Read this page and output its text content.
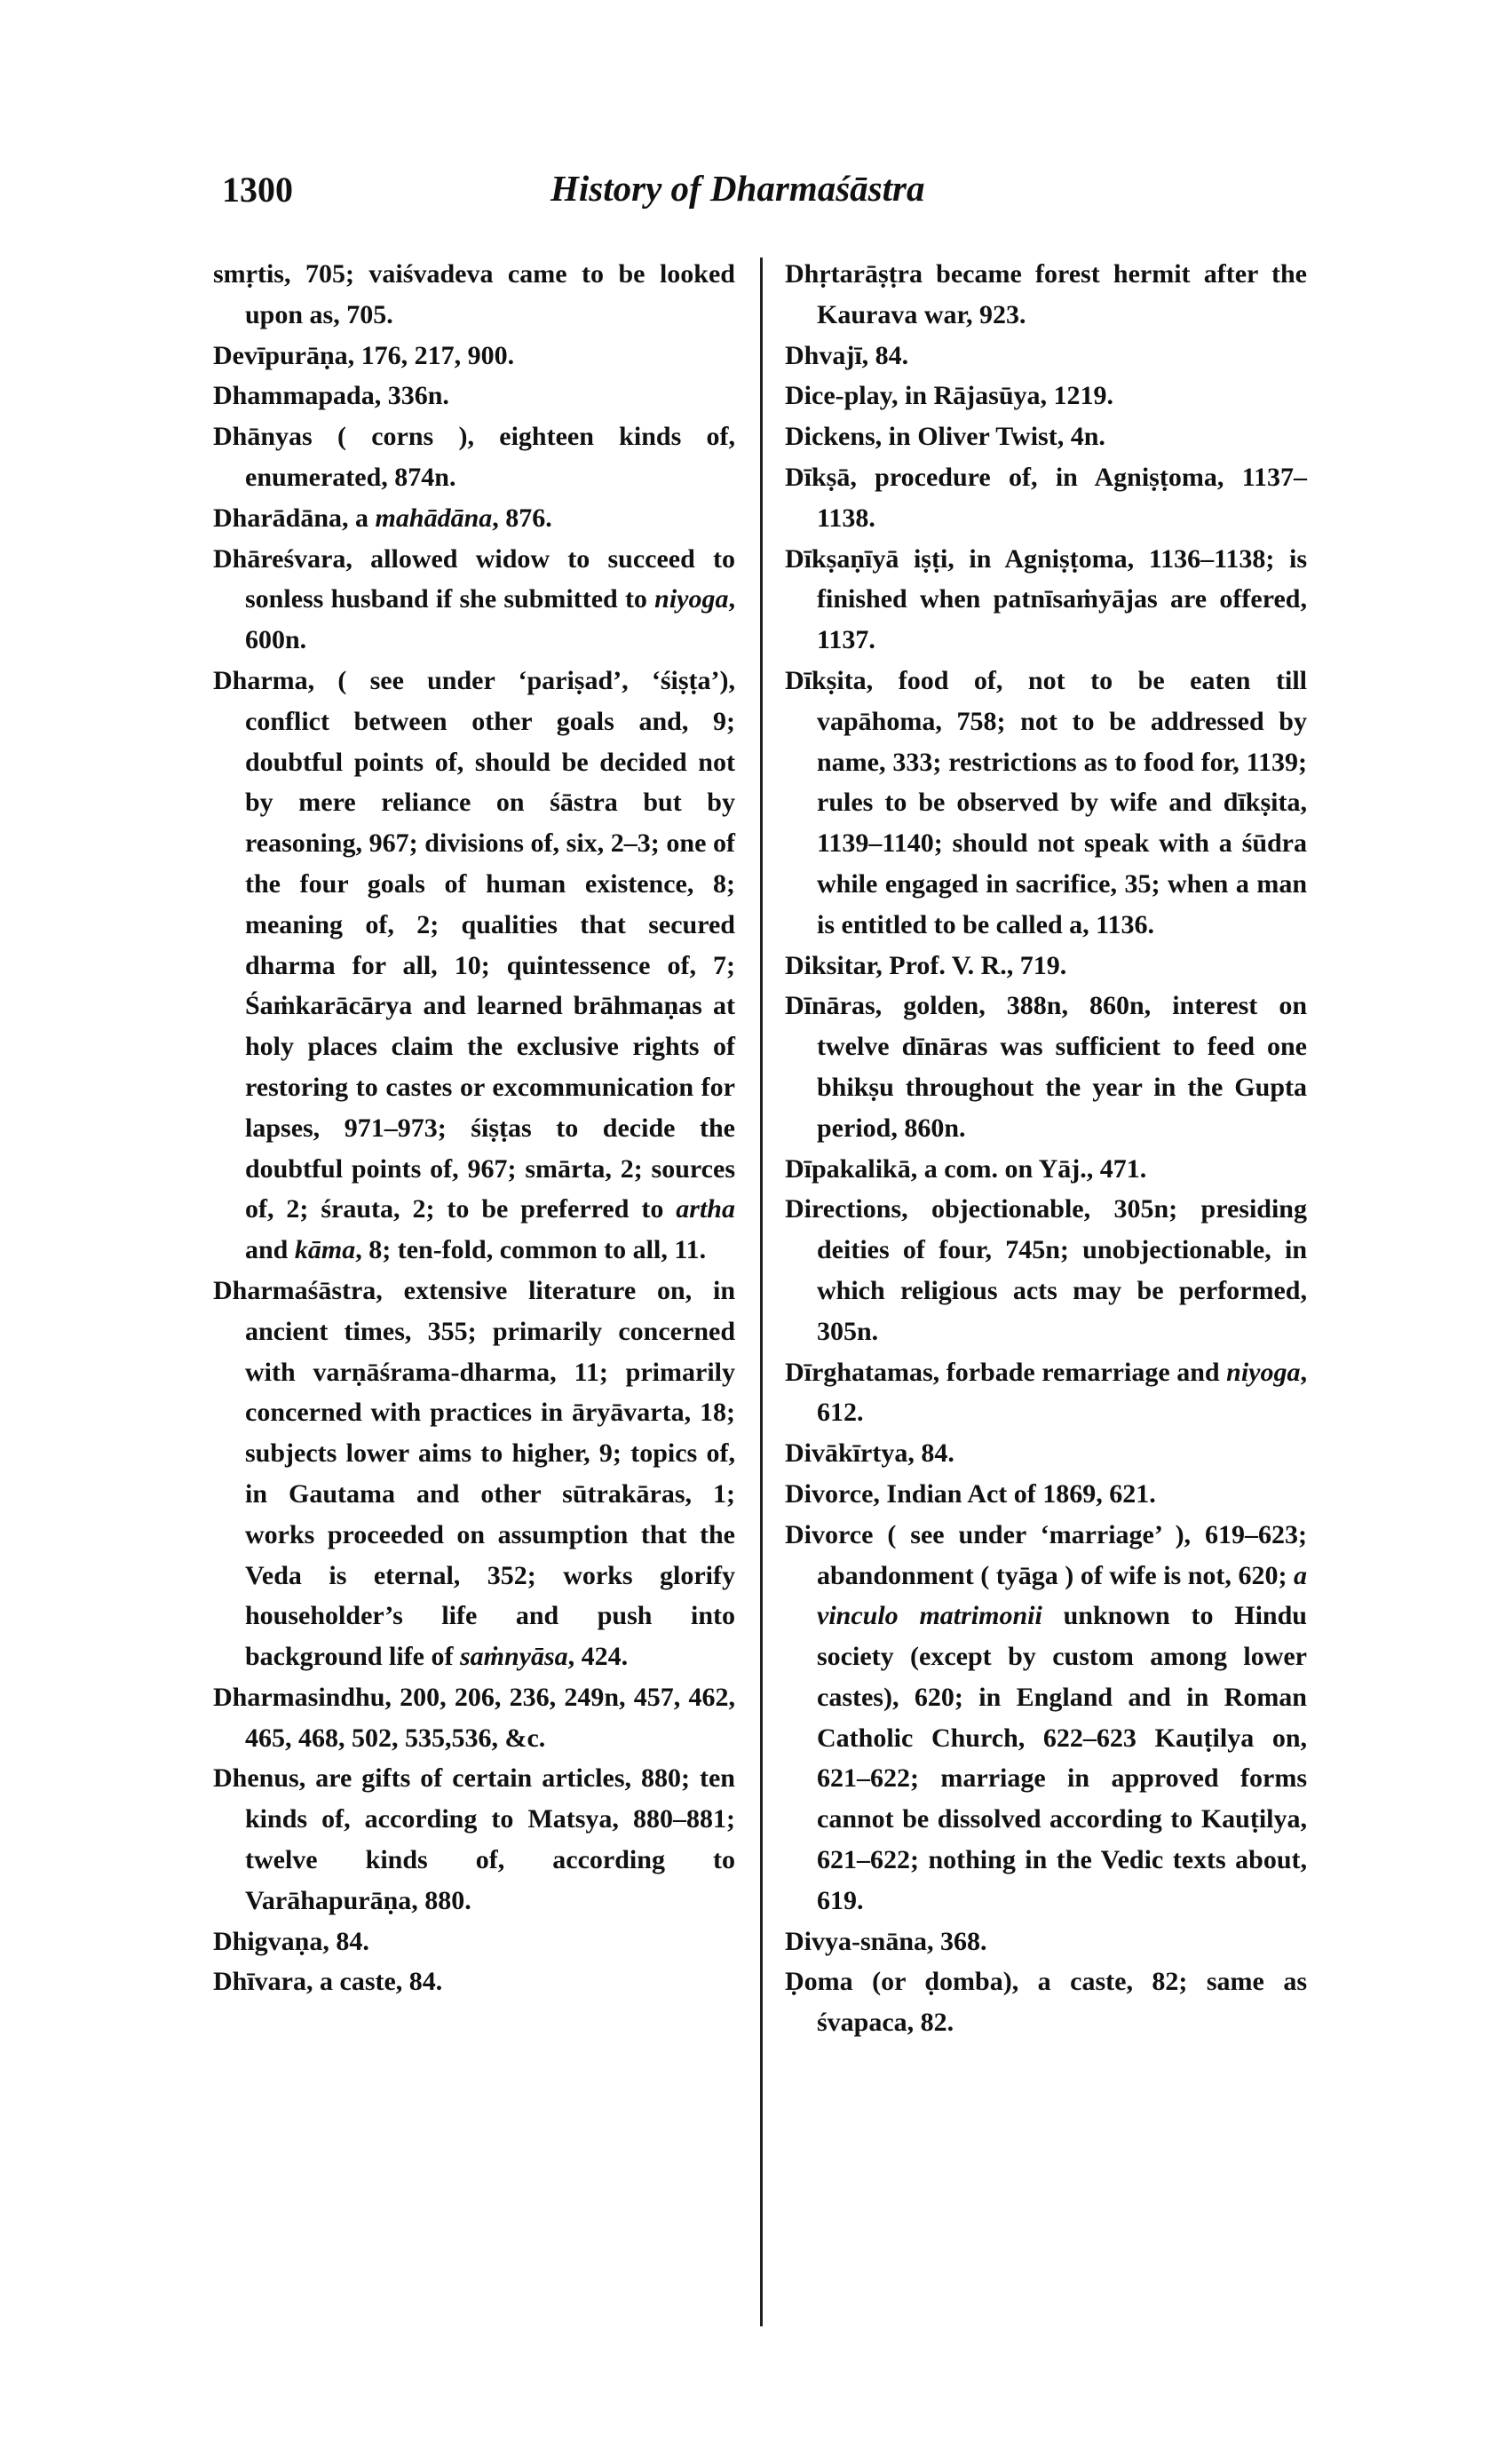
1300	History of Dharmaśāstra

smṛtis, 705; vaiśvadeva came to be looked upon as, 705.

Devīpurāṇa, 176, 217, 900.

Dhammapada, 336n.

Dhānyas ( corns ), eighteen kinds of, enumerated, 874n.

Dharādāna, a mahādāna, 876.

Dhāreśvara, allowed widow to succeed to sonless husband if she submitted to niyoga, 600n.

Dharma, ( see under ‘pariṣad’, ‘śiṣṭa’), conflict between other goals and, 9; doubtful points of, should be decided not by mere reliance on śāstra but by reasoning, 967; divisions of, six, 2–3; one of the four goals of human existence, 8; meaning of, 2; qualities that secured dharma for all, 10; quintessence of, 7; Śaṁkarācārya and learned brāhmaṇas at holy places claim the exclusive rights of restoring to castes or excommunication for lapses, 971–973; śiṣṭas to decide the doubtful points of, 967; smārta, 2; sources of, 2; śrauta, 2; to be preferred to artha and kāma, 8; ten-fold, common to all, 11.

Dharmaśāstra, extensive literature on, in ancient times, 355; primarily concerned with varṇāśrama-dharma, 11; primarily concerned with practices in āryāvarta, 18; subjects lower aims to higher, 9; topics of, in Gautama and other sūtrakāras, 1; works proceeded on assumption that the Veda is eternal, 352; works glorify householder’s life and push into background life of saṁnyāsa, 424.

Dharmasindhu, 200, 206, 236, 249n, 457, 462, 465, 468, 502, 535,536, &c.

Dhenus, are gifts of certain articles, 880; ten kinds of, according to Matsya, 880–881; twelve kinds of, according to Varāhapurāṇa, 880.

Dhigvaṇa, 84.

Dhīvara, a caste, 84.

Dhṛtarāṣṭra became forest hermit after the Kaurava war, 923.

Dhvajī, 84.

Dice-play, in Rājasūya, 1219.

Dickens, in Oliver Twist, 4n.

Dīkṣā, procedure of, in Agniṣṭoma, 1137–1138.

Dīkṣaṇīyā iṣṭi, in Agniṣṭoma, 1136–1138; is finished when patnīsaṁyājas are offered, 1137.

Dīkṣita, food of, not to be eaten till vapāhoma, 758; not to be addressed by name, 333; restrictions as to food for, 1139; rules to be observed by wife and dīkṣita, 1139–1140; should not speak with a śūdra while engaged in sacrifice, 35; when a man is entitled to be called a, 1136.

Diksitar, Prof. V. R., 719.

Dīnāras, golden, 388n, 860n, interest on twelve dīnāras was sufficient to feed one bhikṣu throughout the year in the Gupta period, 860n.

Dīpakalikā, a com. on Yāj., 471.

Directions, objectionable, 305n; presiding deities of four, 745n; unobjectionable, in which religious acts may be performed, 305n.

Dīrghatamas, forbade remarriage and niyoga, 612.

Divākīrtya, 84.

Divorce, Indian Act of 1869, 621.

Divorce ( see under ‘marriage’ ), 619–623; abandonment ( tyāga ) of wife is not, 620; a vinculo matrimonii unknown to Hindu society (except by custom among lower castes), 620; in England and in Roman Catholic Church, 622–623 Kauṭilya on, 621–622; marriage in approved forms cannot be dissolved according to Kauṭilya, 621–622; nothing in the Vedic texts about, 619.

Divya-snāna, 368.

Ḍoma (or ḍomba), a caste, 82; same as śvapaca, 82.
